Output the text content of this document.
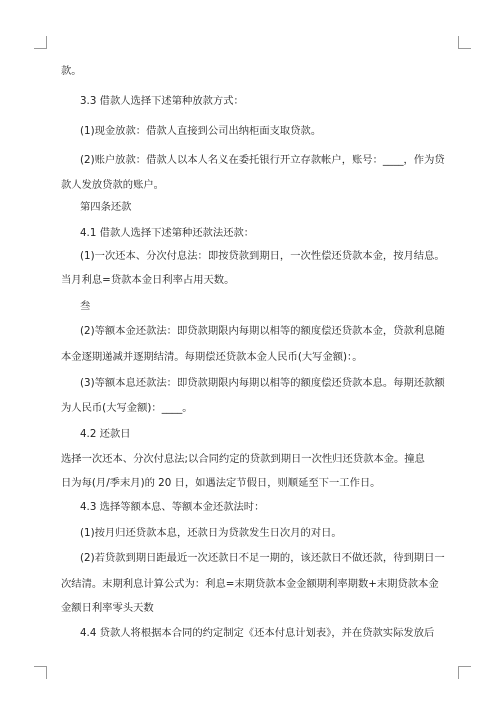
款。
3.3 借款人选择下述第种放款方式：
(1)现金放款：借款人直接到公司出纳柜面支取贷款。
(2)账户放款：借款人以本人名义在委托银行开立存款帐户，账号：____，作为贷
款人发放贷款的账户。
第四条还款
4.1 借款人选择下述第种还款法还款：
(1)一次还本、分次付息法：即按贷款到期日，一次性偿还贷款本金，按月结息。
当月利息=贷款本金日利率占用天数。
叁
(2)等额本金还款法：即贷款期限内每期以相等的额度偿还贷款本金，贷款利息随
本金逐期递减并逐期结清。每期偿还贷款本金人民币(大写金额)：。
(3)等额本息还款法：即贷款期限内每期以相等的额度偿还贷款本息。每期还款额
为人民币(大写金额)：____。
4.2 还款日
选择一次还本、分次付息法;以合同约定的贷款到期日一次性归还贷款本金。撞息
日为每(月/季末月)的 20 日，如遇法定节假日，则顺延至下一工作日。
4.3 选择等额本息、等额本金还款法时：
(1)按月归还贷款本息，还款日为贷款发生日次月的对日。
(2)若贷款到期日距最近一次还款日不足一期的，该还款日不做还款，待到期日一
次结清。末期利息计算公式为：利息=末期贷款本金金额期利率期数+末期贷款本金
金额日利率零头天数
4.4 贷款人将根据本合同的约定制定《还本付息计划表》，并在贷款实际发放后
